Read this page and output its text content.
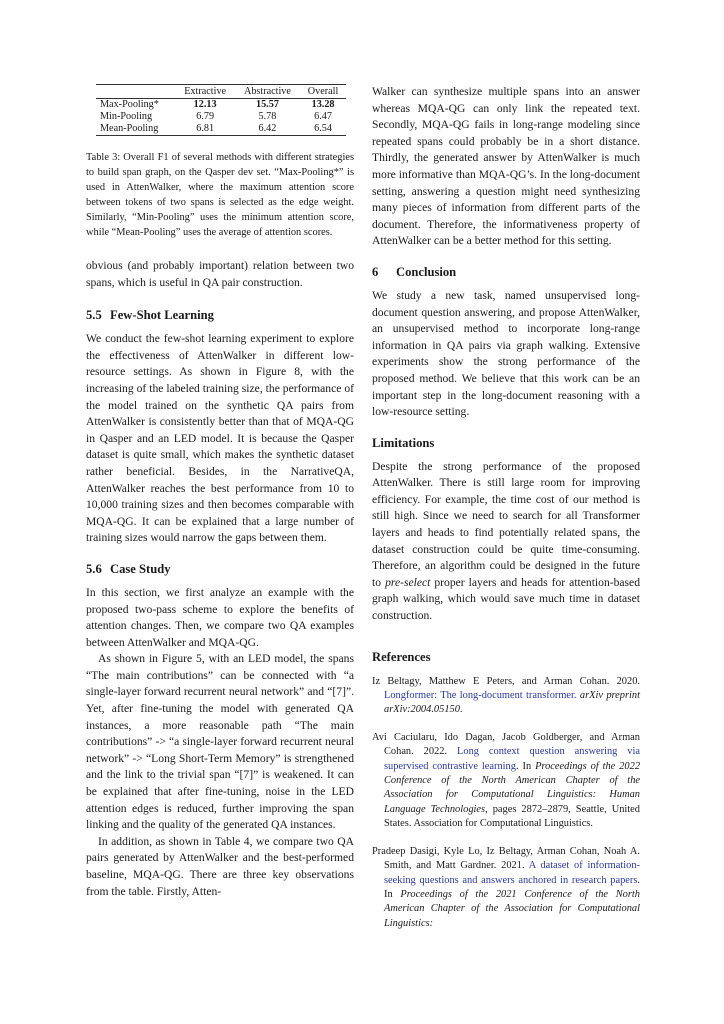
	Extractive	Abstractive	Overall
Max-Pooling*	12.13	15.57	13.28
Min-Pooling	6.79	5.78	6.47
Mean-Pooling	6.81	6.42	6.54

Table 3: Overall F1 of several methods with different strategies to build span graph, on the Qasper dev set. “Max-Pooling*” is used in AttenWalker, where the maximum attention score between tokens of two spans is selected as the edge weight. Similarly, “Min-Pooling” uses the minimum attention score, while “Mean-Pooling” uses the average of attention scores.

obvious (and probably important) relation between two spans, which is useful in QA pair construction.

5.5 Few-Shot Learning

We conduct the few-shot learning experiment to explore the effectiveness of AttenWalker in different low-resource settings. As shown in Figure 8, with the increasing of the labeled training size, the performance of the model trained on the synthetic QA pairs from AttenWalker is consistently better than that of MQA-QG in Qasper and an LED model. It is because the Qasper dataset is quite small, which makes the synthetic dataset rather beneficial. Besides, in the NarrativeQA, AttenWalker reaches the best performance from 10 to 10,000 training sizes and then becomes comparable with MQA-QG. It can be explained that a large number of training sizes would narrow the gaps between them.

5.6 Case Study

In this section, we first analyze an example with the proposed two-pass scheme to explore the benefits of attention changes. Then, we compare two QA examples between AttenWalker and MQA-QG.

As shown in Figure 5, with an LED model, the spans “The main contributions” can be connected with “a single-layer forward recurrent neural network” and “[7]”. Yet, after fine-tuning the model with generated QA instances, a more reasonable path “The main contributions” -> “a single-layer forward recurrent neural network” -> “Long Short-Term Memory” is strengthened and the link to the trivial span “[7]” is weakened. It can be explained that after fine-tuning, noise in the LED attention edges is reduced, further improving the span linking and the quality of the generated QA instances.

In addition, as shown in Table 4, we compare two QA pairs generated by AttenWalker and the best-performed baseline, MQA-QG. There are three key observations from the table. Firstly, Atten-

Walker can synthesize multiple spans into an answer whereas MQA-QG can only link the repeated text. Secondly, MQA-QG fails in long-range modeling since repeated spans could probably be in a short distance. Thirdly, the generated answer by AttenWalker is much more informative than MQA-QG’s. In the long-document setting, answering a question might need synthesizing many pieces of information from different parts of the document. Therefore, the informativeness property of AttenWalker can be a better method for this setting.

6 Conclusion

We study a new task, named unsupervised long-document question answering, and propose AttenWalker, an unsupervised method to incorporate long-range information in QA pairs via graph walking. Extensive experiments show the strong performance of the proposed method. We believe that this work can be an important step in the long-document reasoning with a low-resource setting.

Limitations

Despite the strong performance of the proposed AttenWalker. There is still large room for improving efficiency. For example, the time cost of our method is still high. Since we need to search for all Transformer layers and heads to find potentially related spans, the dataset construction could be quite time-consuming. Therefore, an algorithm could be designed in the future to pre-select proper layers and heads for attention-based graph walking, which would save much time in dataset construction.

References
Iz Beltagy, Matthew E Peters, and Arman Cohan. 2020. Longformer: The long-document transformer. arXiv preprint arXiv:2004.05150.
Avi Caciularu, Ido Dagan, Jacob Goldberger, and Arman Cohan. 2022. Long context question answering via supervised contrastive learning. In Proceedings of the 2022 Conference of the North American Chapter of the Association for Computational Linguistics: Human Language Technologies, pages 2872–2879, Seattle, United States. Association for Computational Linguistics.
Pradeep Dasigi, Kyle Lo, Iz Beltagy, Arman Cohan, Noah A. Smith, and Matt Gardner. 2021. A dataset of information-seeking questions and answers anchored in research papers. In Proceedings of the 2021 Conference of the North American Chapter of the Association for Computational Linguistics:
